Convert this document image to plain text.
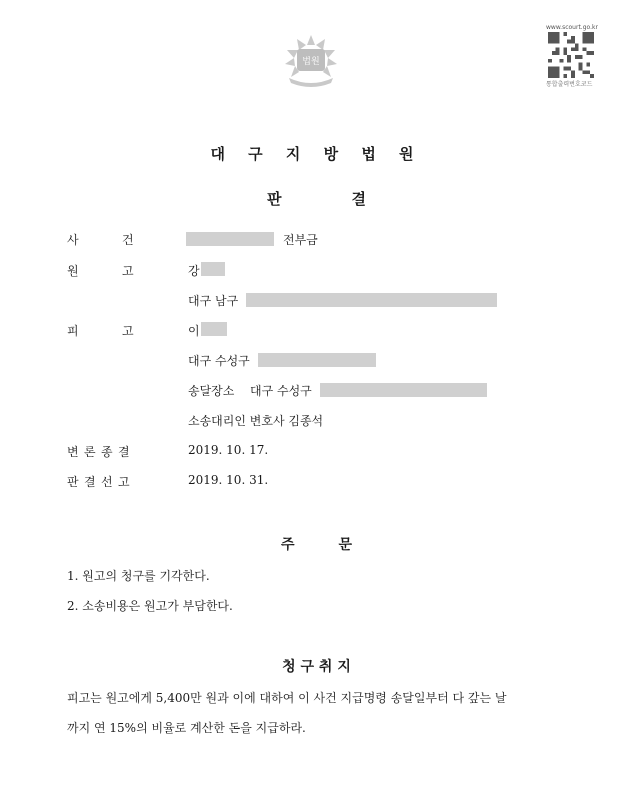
법원
www.scourt.go.kr
통합출력번호코드
대 구 지 방 법 원
판	결
사	건	전부금
원	고	강
대구 남구
피	고	이
대구 수성구
송달장소 대구 수성구
소송대리인 변호사 김종석
변 론 종 결	2019. 10. 17.
판 결 선 고	2019. 10. 31.
주	문
1. 원고의 청구를 기각한다.
2. 소송비용은 원고가 부담한다.
청 구 취 지
피고는 원고에게 5,400만 원과 이에 대하여 이 사건 지급명령 송달일부터 다 갚는 날
까지 연 15%의 비율로 계산한 돈을 지급하라.
